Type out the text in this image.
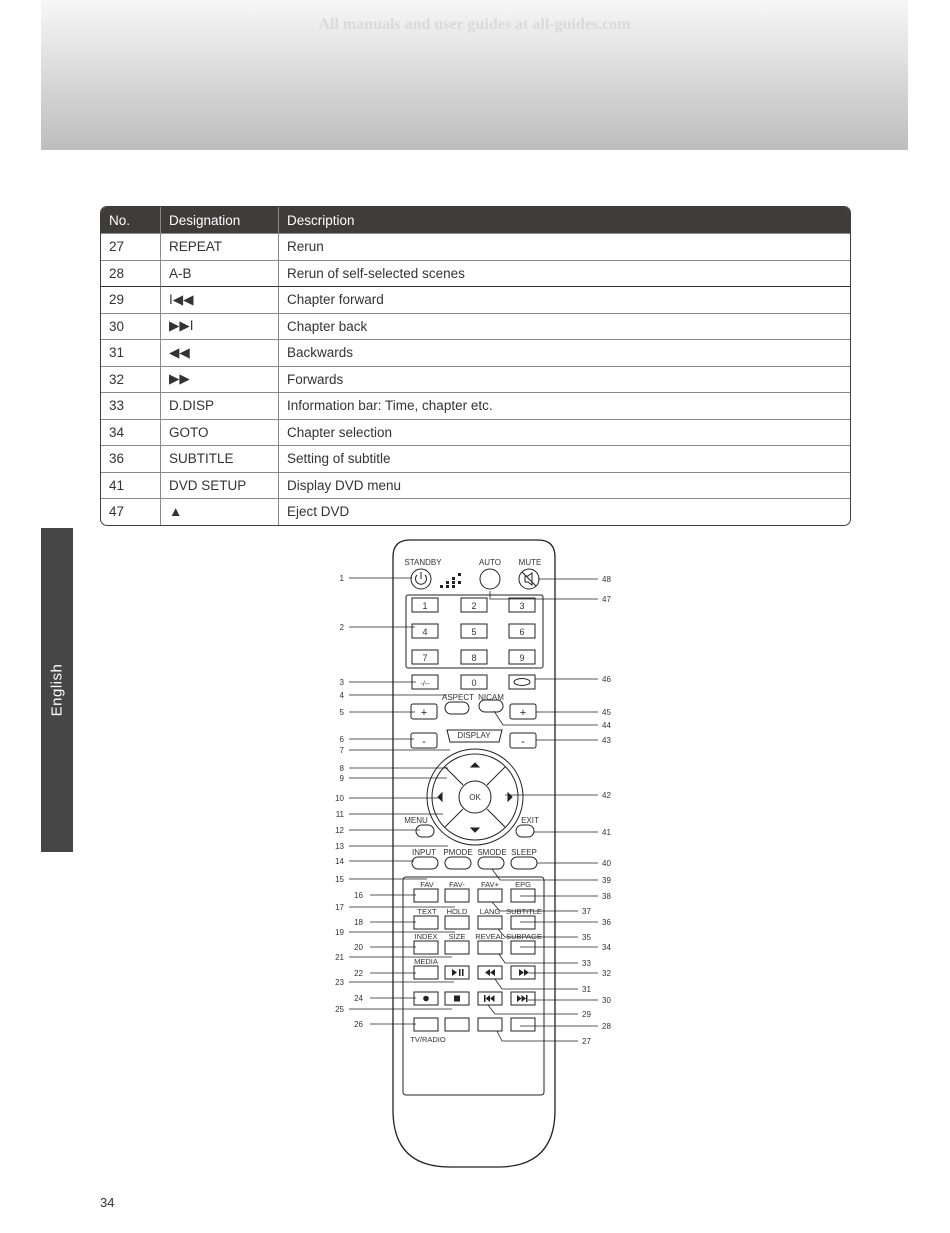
All manuals and user guides at all-guides.com
English
No.	Designation	Description
27	REPEAT	Rerun
28	A-B	Rerun of self-selected scenes
29	I◀◀	Chapter forward
30	▶▶I	Chapter back
31	◀◀	Backwards
32	▶▶	Forwards
33	D.DISP	Information bar: Time, chapter etc.
34	GOTO	Chapter selection
36	SUBTITLE	Setting of subtitle
41	DVD SETUP	Display DVD menu
47	▲	Eject DVD
STANDBY	AUTO MUTE
1	2	3
4	5	6
7	8	9
-/--	0
ASPECT NICAM
+	+
DISPLAY
-	-
OK
MENU	EXIT
INPUT PMODE SMODE SLEEP
FAV FAV- FAV+ EPG
TEXT HOLD LANG SUBTITLE
INDEX SIZE REVEAL SUBPAGE
MEDIA
TV/RADIO
1
2
3
4
5
6
7
8
9
10
11
12
13
14
15
16
17
18
19
20
21
22
23
24
25
26
48
47
46
45
44
43
42
41
40
39
38
37
36
35
34
33
32
31
30
29
28
27
34
